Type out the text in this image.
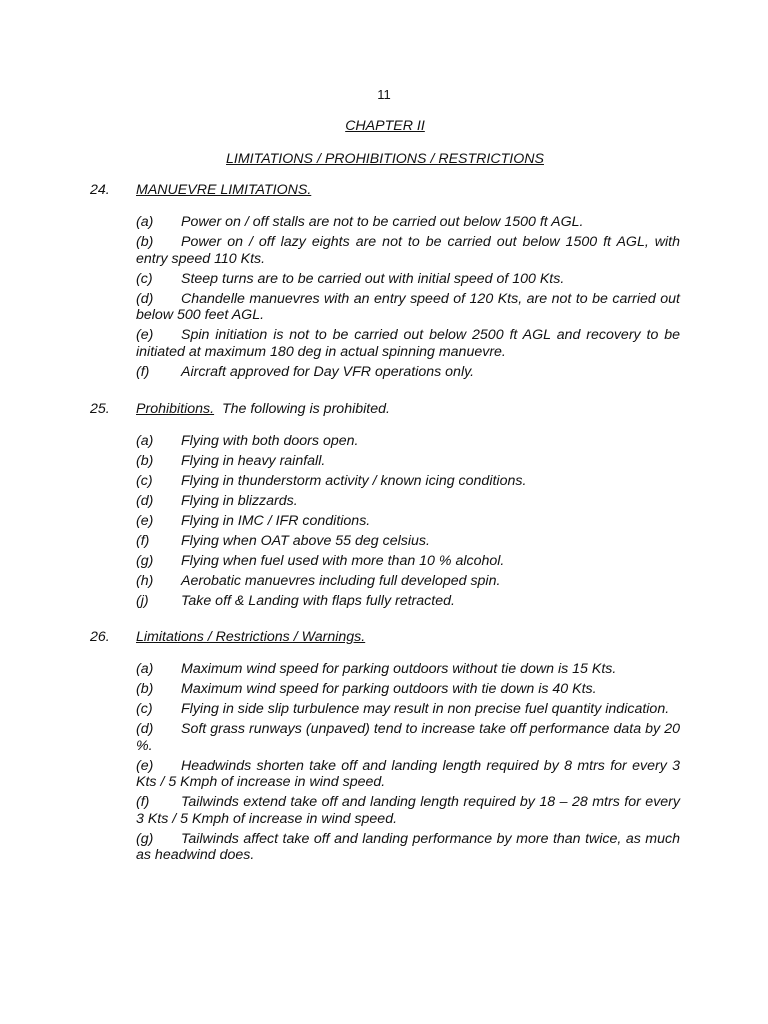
11
CHAPTER II
LIMITATIONS / PROHIBITIONS / RESTRICTIONS
24. MANUEVRE LIMITATIONS.
(a) Power on / off stalls are not to be carried out below 1500 ft AGL.
(b) Power on / off lazy eights are not to be carried out below 1500 ft AGL, with entry speed 110 Kts.
(c) Steep turns are to be carried out with initial speed of 100 Kts.
(d) Chandelle manuevres with an entry speed of 120 Kts, are not to be carried out below 500 feet AGL.
(e) Spin initiation is not to be carried out below 2500 ft AGL and recovery to be initiated at maximum 180 deg in actual spinning manuevre.
(f) Aircraft approved for Day VFR operations only.
25. Prohibitions.  The following is prohibited.
(a) Flying with both doors open.
(b) Flying in heavy rainfall.
(c) Flying in thunderstorm activity / known icing conditions.
(d) Flying in blizzards.
(e) Flying in IMC / IFR conditions.
(f) Flying when OAT above 55 deg celsius.
(g) Flying when fuel used with more than 10 % alcohol.
(h) Aerobatic manuevres including full developed spin.
(j) Take off & Landing with flaps fully retracted.
26. Limitations / Restrictions / Warnings.
(a) Maximum wind speed for parking outdoors without tie down is 15 Kts.
(b) Maximum wind speed for parking outdoors with tie down is 40 Kts.
(c) Flying in side slip turbulence may result in non precise fuel quantity indication.
(d) Soft grass runways (unpaved) tend to increase take off performance data by 20 %.
(e) Headwinds shorten take off and landing length required by 8 mtrs for every 3 Kts / 5 Kmph of increase in wind speed.
(f) Tailwinds extend take off and landing length required by 18 – 28 mtrs for every 3 Kts / 5 Kmph of increase in wind speed.
(g) Tailwinds affect take off and landing performance by more than twice, as much as headwind does.
